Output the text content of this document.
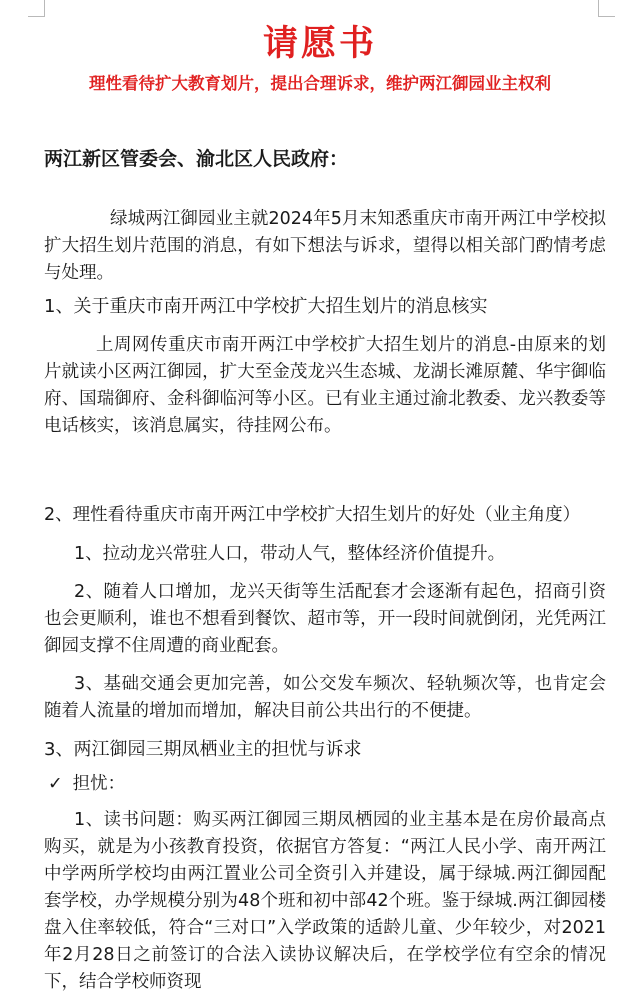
请愿书
理性看待扩大教育划片，提出合理诉求，维护两江御园业主权利
两江新区管委会、渝北区人民政府：

绿城两江御园业主就2024年5月末知悉重庆市南开两江中学校拟扩大招生划片范围的消息，有如下想法与诉求，望得以相关部门酌情考虑与处理。

1、关于重庆市南开两江中学校扩大招生划片的消息核实

上周网传重庆市南开两江中学校扩大招生划片的消息-由原来的划片就读小区两江御园，扩大至金茂龙兴生态城、龙湖长滩原麓、华宇御临府、国瑞御府、金科御临河等小区。已有业主通过渝北教委、龙兴教委等电话核实，该消息属实，待挂网公布。

2、理性看待重庆市南开两江中学校扩大招生划片的好处（业主角度）

1、拉动龙兴常驻人口，带动人气，整体经济价值提升。

2、随着人口增加，龙兴天街等生活配套才会逐渐有起色，招商引资也会更顺利，谁也不想看到餐饮、超市等，开一段时间就倒闭，光凭两江御园支撑不住周遭的商业配套。

3、基础交通会更加完善，如公交发车频次、轻轨频次等，也肯定会随着人流量的增加而增加，解决目前公共出行的不便捷。

3、两江御园三期凤栖业主的担忧与诉求

✓ 担忧：

1、读书问题：购买两江御园三期凤栖园的业主基本是在房价最高点购买，就是为小孩教育投资，依据官方答复：“两江人民小学、南开两江中学两所学校均由两江置业公司全资引入并建设，属于绿城.两江御园配套学校，办学规模分别为48个班和初中部42个班。鉴于绿城.两江御园楼盘入住率较低，符合“三对口”入学政策的适龄儿童、少年较少，对2021年2月28日之前签订的合法入读协议解决后，在学校学位有空余的情况下，结合学校师资现
